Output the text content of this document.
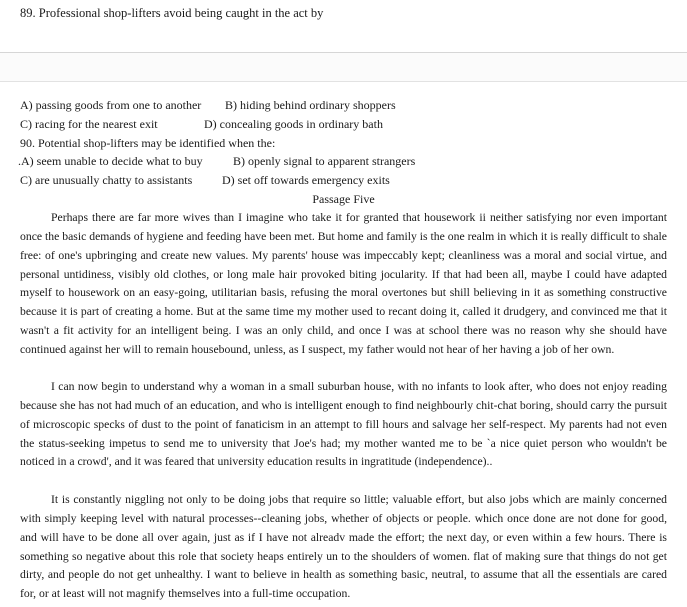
89. Professional shop-lifters avoid being caught in the act by
A) passing goods from one to another B) hiding behind ordinary shoppers
C) racing for the nearest exit	D) concealing goods in ordinary bath
90. Potential shop-lifters may be identified when the:
.A) seem unable to decide what to buy	B) openly signal to apparent strangers
C) are unusually chatty to assistants D) set off towards emergency exits
Passage Five

Perhaps there are far more wives than I imagine who take it for granted that housework ii neither satisfying nor even important once the basic demands of hygiene and feeding have been met. But home and family is the one realm in which it is really difficult to shale free: of one's upbringing and create new values. My parents' house was impeccably kept; cleanliness was a moral and social virtue, and personal untidiness, visibly old clothes, or long male hair provoked biting jocularity. If that had been all, maybe I could have adapted myself to housework on an easy-going, utilitarian basis, refusing the moral overtones but shill believing in it as something constructive because it is part of creating a home. But at the same time my mother used to recant doing it, called it drudgery, and convinced me that it wasn't a fit activity for an intelligent being. I was an only child, and once I was at school there was no reason why she should have continued against her will to remain housebound, unless, as I suspect, my father would not hear of her having a job of her own.

I can now begin to understand why a woman in a small suburban house, with no infants to look after, who does not enjoy reading because she has not had much of an education, and who is intelligent enough to find neighbourly chit-chat boring, should carry the pursuit of microscopic specks of dust to the point of fanaticism in an attempt to fill hours and salvage her self-respect. My parents had not even the status-seeking impetus to send me to university that Joe's had; my mother wanted me to be `a nice quiet person who wouldn't be noticed in a crowd', and it was feared that university education results in ingratitude (independence)..

It is constantly niggling not only to be doing jobs that require so little; valuable effort, but also jobs which are mainly concerned with simply keeping level with natural processes--cleaning jobs, whether of objects or people. which once done are not done for good, and will have to be done all over again, just as if I have not alreadv made the effort; the next day, or even within a few hours. There is something so negative about this role that society heaps entirely un to the shoulders of women. flat of making sure that things do not get dirty, and people do not get unhealthy. I want to believe in health as something basic, neutral, to assume that all the essentials are cared for, or at least will not magnify themselves into a full-time occupation.
